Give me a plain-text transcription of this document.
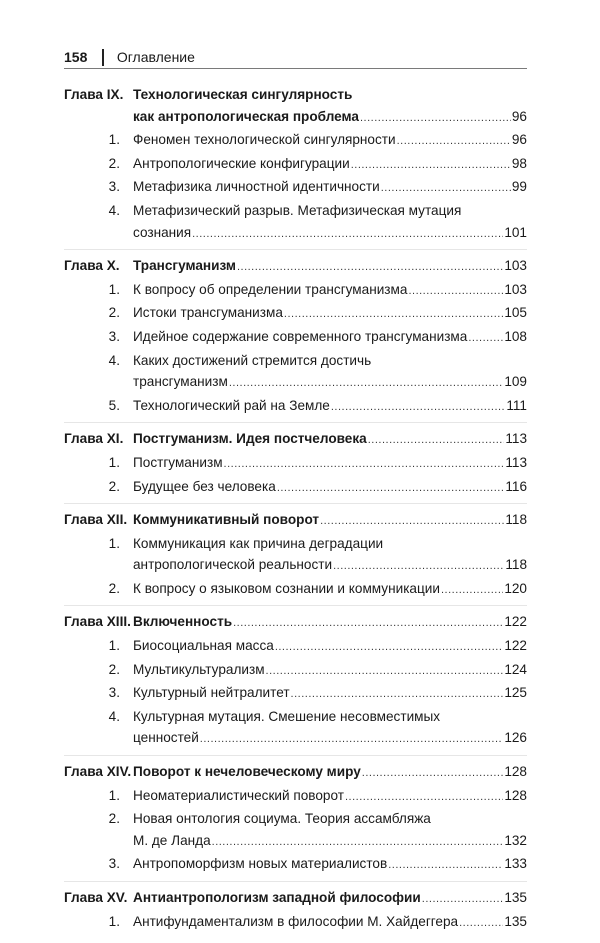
158 Оглавление
Глава IX. Технологическая сингулярность
как антропологическая проблема .....	96
1. Феномен технологической сингулярности .....	96
2. Антропологические конфигурации .....	98
3. Метафизика личностной идентичности .....	99
4. Метафизический разрыв. Метафизическая мутация
сознания .....	101
Глава X. Трансгуманизм .....	103
1. К вопросу об определении трансгуманизма .....	103
2. Истоки трансгуманизма .....	105
3. Идейное содержание современного трансгуманизма .....	108
4. Каких достижений стремится достичь
трансгуманизм .....	109
5. Технологический рай на Земле .....	111
Глава XI. Постгуманизм. Идея постчеловека .....	113
1. Постгуманизм .....	113
2. Будущее без человека .....	116
Глава XII. Коммуникативный поворот .....	118
1. Коммуникация как причина деградации
антропологической реальности .....	118
2. К вопросу о языковом сознании и коммуникации .....	120
Глава XIII. Включенность .....	122
1. Биосоциальная масса .....	122
2. Мультикультурализм .....	124
3. Культурный нейтралитет .....	125
4. Культурная мутация. Смешение несовместимых
ценностей .....	126
Глава XIV. Поворот к нечеловеческому миру .....	128
1. Неоматериалистический поворот .....	128
2. Новая онтология социума. Теория ассамбляжа
М. де Ланда .....	132
3. Антропоморфизм новых материалистов .....	133
Глава XV. Антиантропологизм западной философии .....	135
1. Антифундаментализм в философии М. Хайдеггера .....	135
